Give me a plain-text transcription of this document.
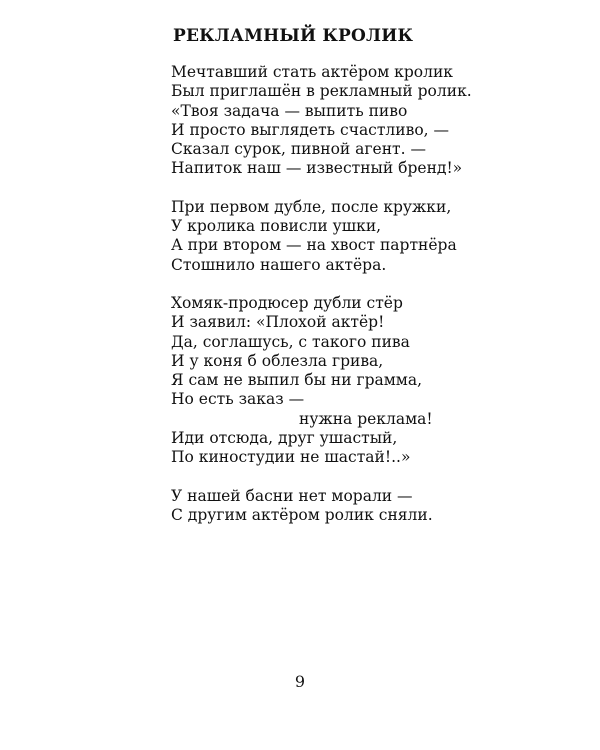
РЕКЛАМНЫЙ КРОЛИК
Мечтавший стать актёром кролик
Был приглашён в рекламный ролик.
«Твоя задача — выпить пиво
И просто выглядеть счастливо, —
Сказал сурок, пивной агент. —
Напиток наш — известный бренд!»
При первом дубле, после кружки,
У кролика повисли ушки,
А при втором — на хвост партнёра
Стошнило нашего актёра.
Хомяк-продюсер дубли стёр
И заявил: «Плохой актёр!
Да, соглашусь, с такого пива
И у коня б облезла грива,
Я сам не выпил бы ни грамма,
Но есть заказ —
нужна реклама!
Иди отсюда, друг ушастый,
По киностудии не шастай!..»
У нашей басни нет морали —
С другим актёром ролик сняли.
9
